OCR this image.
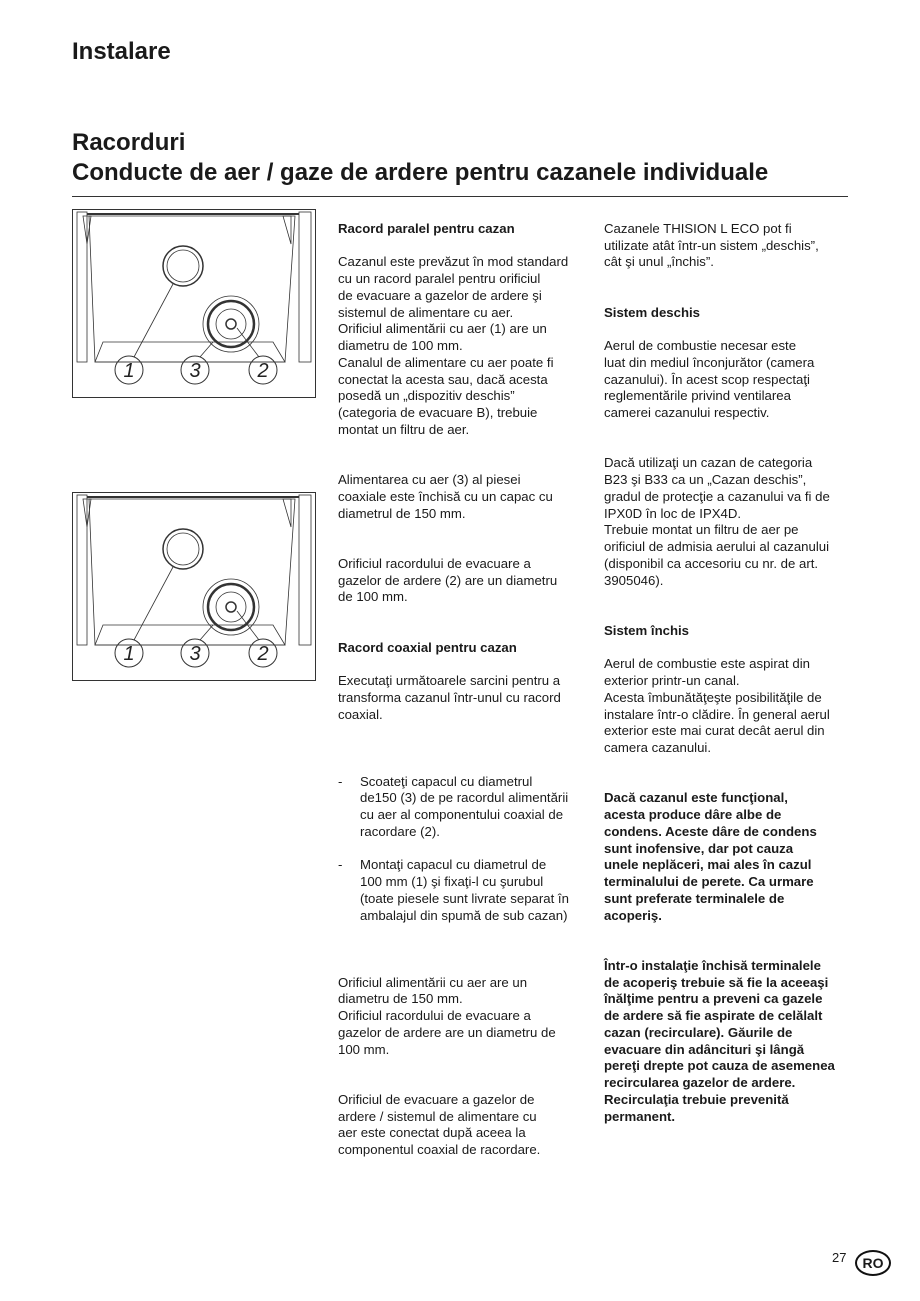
Instalare
Racorduri
Conducte de aer / gaze de ardere pentru cazanele individuale
1	3	2
1	3	2

Racord paralel pentru cazan

Cazanul este prevăzut în mod standard
cu un racord paralel pentru orificiul
de evacuare a gazelor de ardere şi
sistemul de alimentare cu aer.
Orificiul alimentării cu aer (1) are un
diametru de 100 mm.
Canalul de alimentare cu aer poate fi
conectat la acesta sau, dacă acesta
posedă un „dispozitiv deschis”
(categoria de evacuare B), trebuie
montat un filtru de aer.

Alimentarea cu aer (3) al piesei
coaxiale este închisă cu un capac cu
diametrul de 150 mm.

Orificiul racordului de evacuare a
gazelor de ardere (2) are un diametru
de 100 mm.

Racord coaxial pentru cazan

Executaţi următoarele sarcini pentru a
transforma cazanul într-unul cu racord
coaxial.

- Scoateţi capacul cu diametrul
de150 (3) de pe racordul alimentării
cu aer al componentului coaxial de
racordare (2).

- Montaţi capacul cu diametrul de
100 mm (1) şi fixaţi-l cu şurubul
(toate piesele sunt livrate separat în
ambalajul din spumă de sub cazan)

Orificiul alimentării cu aer are un
diametru de 150 mm.
Orificiul racordului de evacuare a
gazelor de ardere are un diametru de
100 mm.

Orificiul de evacuare a gazelor de
ardere / sistemul de alimentare cu
aer este conectat după aceea la
componentul coaxial de racordare.

Cazanele THISION L ECO pot fi
utilizate atât într-un sistem „deschis”,
cât şi unul „închis”.

Sistem deschis

Aerul de combustie necesar este
luat din mediul înconjurător (camera
cazanului). În acest scop respectaţi
reglementările privind ventilarea
camerei cazanului respectiv.

Dacă utilizaţi un cazan de categoria
B23 şi B33 ca un „Cazan deschis”,
gradul de protecţie a cazanului va fi de
IPX0D în loc de IPX4D.
Trebuie montat un filtru de aer pe
orificiul de admisia aerului al cazanului
(disponibil ca accesoriu cu nr. de art.
3905046).

Sistem închis

Aerul de combustie este aspirat din
exterior printr-un canal.
Acesta îmbunătăţeşte posibilităţile de
instalare într-o clădire. În general aerul
exterior este mai curat decât aerul din
camera cazanului.

Dacă cazanul este funcţional,
acesta produce dâre albe de
condens. Aceste dâre de condens
sunt inofensive, dar pot cauza
unele neplăceri, mai ales în cazul
terminalului de perete. Ca urmare
sunt preferate terminalele de
acoperiş.

Într-o instalaţie închisă terminalele
de acoperiş trebuie să fie la aceeaşi
înălţime pentru a preveni ca gazele
de ardere să fie aspirate de celălalt
cazan (recirculare). Găurile de
evacuare din adâncituri şi lângă
pereţi drepte pot cauza de asemenea
recircularea gazelor de ardere.
Recirculaţia trebuie prevenită
permanent.

27	RO
